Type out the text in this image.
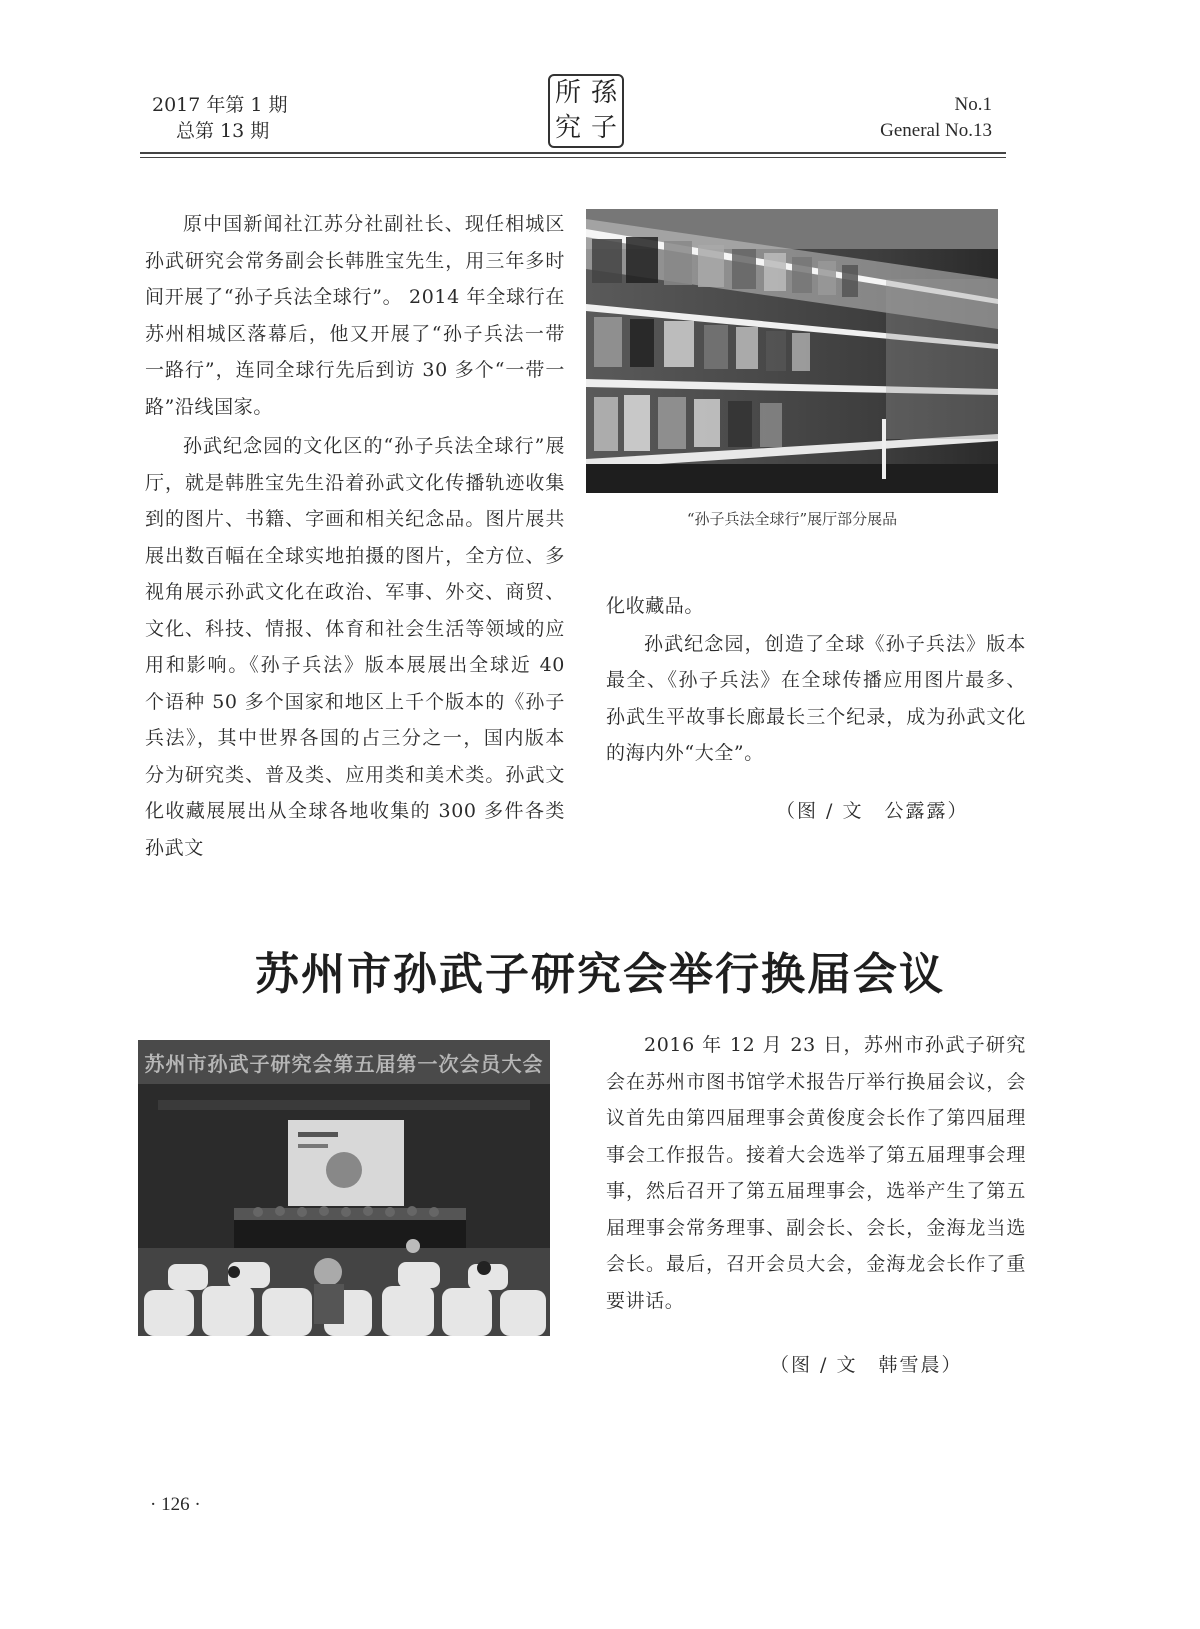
2017 年第 1 期
总第 13 期
所 孫
究 子
No.1
General No.13

原中国新闻社江苏分社副社长、现任相城区孙武研究会常务副会长韩胜宝先生，用三年多时间开展了“孙子兵法全球行”。 2014 年全球行在苏州相城区落幕后，他又开展了“孙子兵法一带一路行”，连同全球行先后到访 30 多个“一带一路”沿线国家。

孙武纪念园的文化区的“孙子兵法全球行”展厅，就是韩胜宝先生沿着孙武文化传播轨迹收集到的图片、书籍、字画和相关纪念品。图片展共展出数百幅在全球实地拍摄的图片，全方位、多视角展示孙武文化在政治、军事、外交、商贸、文化、科技、情报、体育和社会生活等领域的应用和影响。《孙子兵法》版本展展出全球近 40 个语种 50 多个国家和地区上千个版本的《孙子兵法》，其中世界各国的占三分之一，国内版本分为研究类、普及类、应用类和美术类。孙武文化收藏展展出从全球各地收集的 300 多件各类孙武文

“孙子兵法全球行”展厅部分展品

化收藏品。

孙武纪念园，创造了全球《孙子兵法》版本最全、《孙子兵法》在全球传播应用图片最多、孙武生平故事长廊最长三个纪录，成为孙武文化的海内外“大全”。

（图 / 文　公露露）
苏州市孙武子研究会举行换届会议
苏州市孙武子研究会第五届第一次会员大会

2016 年 12 月 23 日，苏州市孙武子研究会在苏州市图书馆学术报告厅举行换届会议，会议首先由第四届理事会黄俊度会长作了第四届理事会工作报告。接着大会选举了第五届理事会理事，然后召开了第五届理事会，选举产生了第五届理事会常务理事、副会长、会长，金海龙当选会长。最后，召开会员大会，金海龙会长作了重要讲话。

（图 / 文　韩雪晨）
· 126 ·
